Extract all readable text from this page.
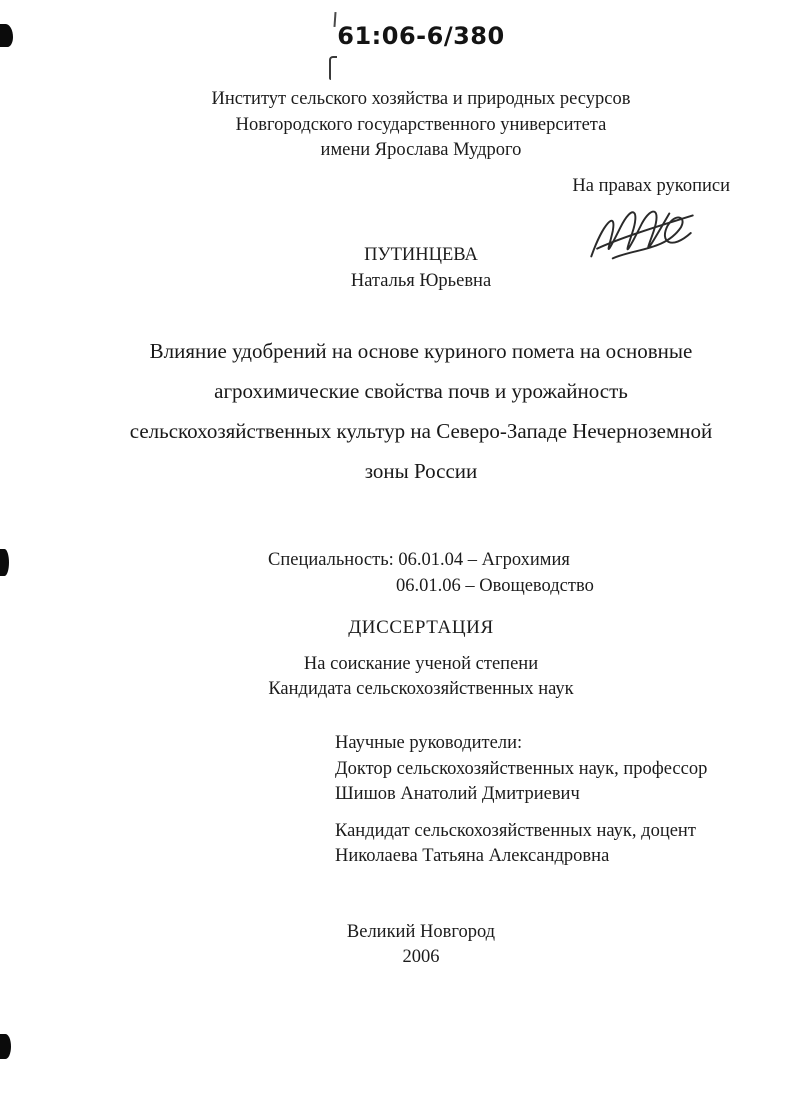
61:06-6/380
Институт сельского хозяйства и природных ресурсов
Новгородского государственного университета
имени Ярослава Мудрого
На правах рукописи
ПУТИНЦЕВА
Наталья Юрьевна
Влияние удобрений на основе куриного помета на основные
агрохимические свойства почв и урожайность
сельскохозяйственных культур на Северо-Западе Нечерноземной
зоны России
Специальность: 06.01.04 – Агрохимия
06.01.06 – Овощеводство
ДИССЕРТАЦИЯ
На соискание ученой степени
Кандидата сельскохозяйственных наук
Научные руководители:
Доктор сельскохозяйственных наук, профессор
Шишов Анатолий Дмитриевич
Кандидат сельскохозяйственных наук, доцент
Николаева Татьяна Александровна
Великий Новгород
2006
